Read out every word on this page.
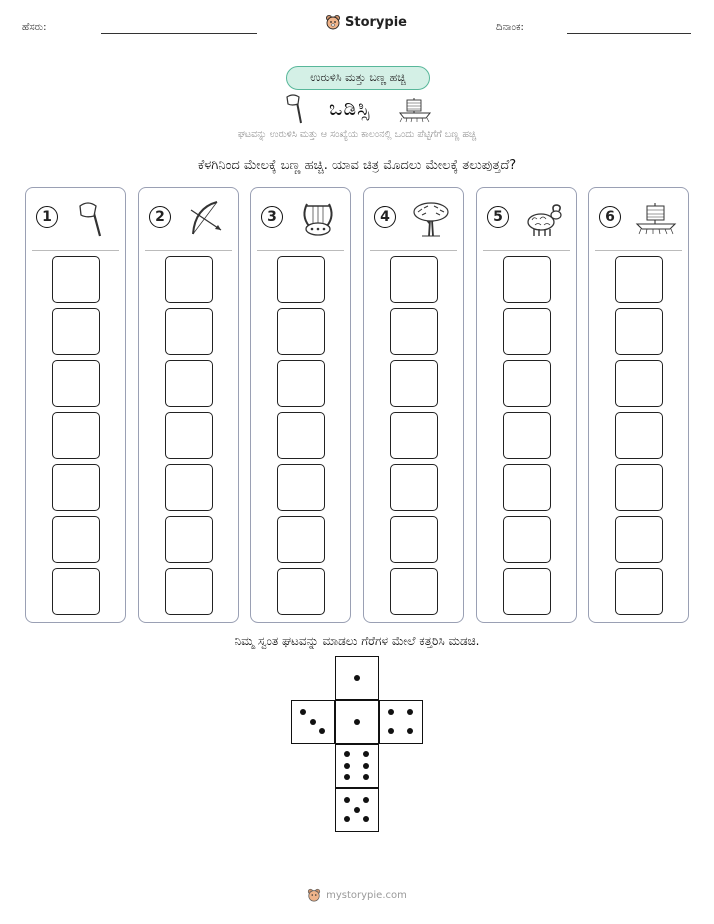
ಹೆಸರು:	Storypie	ದಿನಾಂಕ:
ಉರುಳಿಸಿ ಮತ್ತು ಬಣ್ಣ ಹಚ್ಚಿ
ಒಡಿಸ್ಸಿ
ಘಟವನ್ನು ಉರುಳಿಸಿ ಮತ್ತು ಆ ಸಂಖ್ಯೆಯ ಕಾಲಂನಲ್ಲಿ ಒಂದು ಪೆಟ್ಟಿಗೆಗೆ ಬಣ್ಣ ಹಚ್ಚಿ
ಕೆಳಗಿನಿಂದ ಮೇಲಕ್ಕೆ ಬಣ್ಣ ಹಚ್ಚಿ. ಯಾವ ಚಿತ್ರ ಮೊದಲು ಮೇಲಕ್ಕೆ ತಲುಪುತ್ತದೆ?
1	2	3	4	5	6
ನಿಮ್ಮ ಸ್ವಂತ ಘಟವನ್ನು ಮಾಡಲು ಗೆರೆಗಳ ಮೇಲೆ ಕತ್ತರಿಸಿ ಮಡಚಿ.
mystorypie.com
